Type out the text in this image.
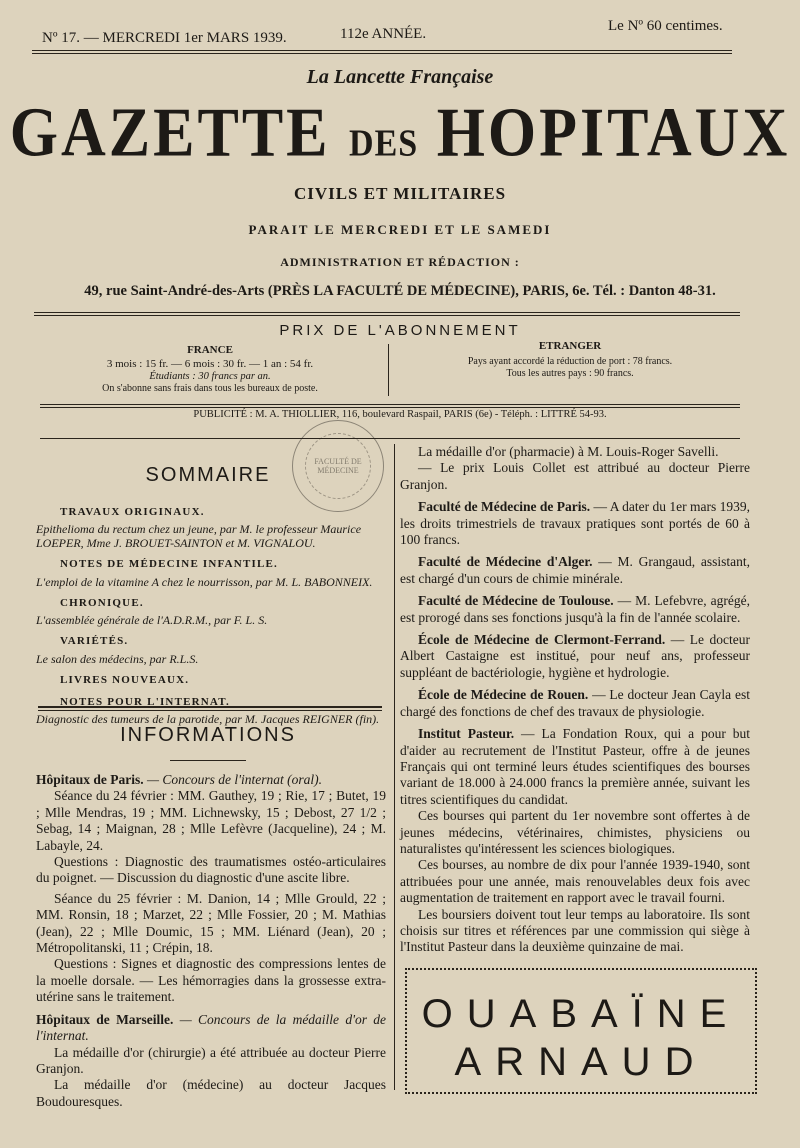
Nº 17. — MERCREDI 1er MARS 1939.	112e ANNÉE.	Le Nº 60 centimes.
La Lancette Française
GAZETTE DES HOPITAUX
CIVILS ET MILITAIRES
PARAIT LE MERCREDI ET LE SAMEDI
ADMINISTRATION ET RÉDACTION :
49, rue Saint-André-des-Arts (PRÈS LA FACULTÉ DE MÉDECINE), PARIS, 6e. Tél. : Danton 48-31.
PRIX DE L'ABONNEMENT
FRANCE
3 mois : 15 fr. — 6 mois : 30 fr. — 1 an : 54 fr.
Étudiants : 30 francs par an.
On s'abonne sans frais dans tous les bureaux de poste.
ETRANGER
Pays ayant accordé la réduction de port : 78 francs.
Tous les autres pays : 90 francs.
PUBLICITÉ : M. A. THIOLLIER, 116, boulevard Raspail, PARIS (6e) - Téléph. : LITTRÉ 54-93.
FACULTÉ DE MÉDECINE
SOMMAIRE
TRAVAUX ORIGINAUX.
Epithelioma du rectum chez un jeune, par M. le professeur Maurice LOEPER, Mme J. BROUET-SAINTON et M. VIGNALOU.
NOTES DE MÉDECINE INFANTILE.
L'emploi de la vitamine A chez le nourrisson, par M. L. BABONNEIX.
CHRONIQUE.
L'assemblée générale de l'A.D.R.M., par F. L. S.
VARIÉTÉS.
Le salon des médecins, par R.L.S.
LIVRES NOUVEAUX.
NOTES POUR L'INTERNAT.
Diagnostic des tumeurs de la parotide, par M. Jacques REIGNER (fin).
INFORMATIONS

Hôpitaux de Paris. — Concours de l'internat (oral).

Séance du 24 février : MM. Gauthey, 19 ; Rie, 17 ; Butet, 19 ; Mlle Mendras, 19 ; MM. Lichnewsky, 15 ; Debost, 27 1/2 ; Sebag, 14 ; Maignan, 28 ; Mlle Lefèvre (Jacqueline), 24 ; M. Labayle, 24.

Questions : Diagnostic des traumatismes ostéo-articulaires du poignet. — Discussion du diagnostic d'une ascite libre.

Séance du 25 février : M. Danion, 14 ; Mlle Grould, 22 ; MM. Ronsin, 18 ; Marzet, 22 ; Mlle Fossier, 20 ; M. Mathias (Jean), 22 ; Mlle Doumic, 15 ; MM. Liénard (Jean), 20 ; Métropolitanski, 11 ; Crépin, 18.

Questions : Signes et diagnostic des compressions lentes de la moelle dorsale. — Les hémorragies dans la grossesse extra-utérine sans le traitement.

Hôpitaux de Marseille. — Concours de la médaille d'or de l'internat.

La médaille d'or (chirurgie) a été attribuée au docteur Pierre Granjon.

La médaille d'or (médecine) au docteur Jacques Boudouresques.

La médaille d'or (pharmacie) à M. Louis-Roger Savelli.

— Le prix Louis Collet est attribué au docteur Pierre Granjon.

Faculté de Médecine de Paris. — A dater du 1er mars 1939, les droits trimestriels de travaux pratiques sont portés de 60 à 100 francs.

Faculté de Médecine d'Alger. — M. Grangaud, assistant, est chargé d'un cours de chimie minérale.

Faculté de Médecine de Toulouse. — M. Lefebvre, agrégé, est prorogé dans ses fonctions jusqu'à la fin de l'année scolaire.

École de Médecine de Clermont-Ferrand. — Le docteur Albert Castaigne est institué, pour neuf ans, professeur suppléant de bactériologie, hygiène et hydrologie.

École de Médecine de Rouen. — Le docteur Jean Cayla est chargé des fonctions de chef des travaux de physiologie.

Institut Pasteur. — La Fondation Roux, qui a pour but d'aider au recrutement de l'Institut Pasteur, offre à de jeunes Français qui ont terminé leurs études scientifiques des bourses variant de 18.000 à 24.000 francs la première année, suivant les titres scientifiques du candidat.

Ces bourses qui partent du 1er novembre sont offertes à de jeunes médecins, vétérinaires, chimistes, physiciens ou naturalistes qu'intéressent les sciences biologiques.

Ces bourses, au nombre de dix pour l'année 1939-1940, sont attribuées pour une année, mais renouvelables deux fois avec augmentation de traitement en rapport avec le travail fourni.

Les boursiers doivent tout leur temps au laboratoire. Ils sont choisis sur titres et références par une commission qui siège à l'Institut Pasteur dans la deuxième quinzaine de mai.

OUABAÏNE
ARNAUD
